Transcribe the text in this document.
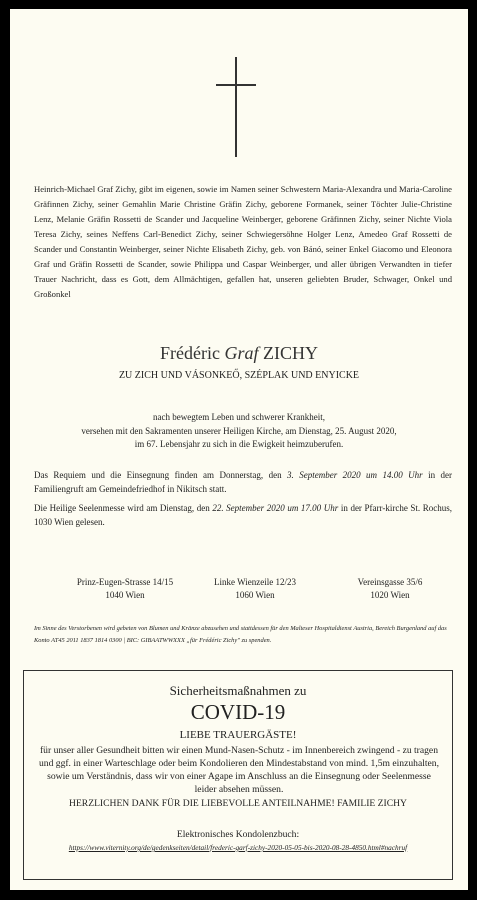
Heinrich-Michael Graf Zichy, gibt im eigenen, sowie im Namen seiner Schwestern Maria-Alexandra und Maria-Caroline Gräfinnen Zichy, seiner Gemahlin Marie Christine Gräfin Zichy, geborene Formanek, seiner Töchter Julie-Christine Lenz, Melanie Gräfin Rossetti de Scander und Jacqueline Weinberger, geborene Gräfinnen Zichy, seiner Nichte Viola Teresa Zichy, seines Neffens Carl-Benedict Zichy, seiner Schwiegersöhne Holger Lenz, Amedeo Graf Rossetti de Scander und Constantin Weinberger, seiner Nichte Elisabeth Zichy, geb. von Bánó, seiner Enkel Giacomo und Eleonora Graf und Gräfin Rossetti de Scander, sowie Philippa und Caspar Weinberger, und aller übrigen Verwandten in tiefer Trauer Nachricht, dass es Gott, dem Allmächtigen, gefallen hat, unseren geliebten Bruder, Schwager, Onkel und Großonkel

Frédéric Graf ZICHY

ZU ZICH UND VÁSONKEŐ, SZÉPLAK UND ENYICKE

nach bewegtem Leben und schwerer Krankheit,
versehen mit den Sakramenten unserer Heiligen Kirche, am Dienstag, 25. August 2020,
im 67. Lebensjahr zu sich in die Ewigkeit heimzuberufen.

Das Requiem und die Einsegnung finden am Donnerstag, den 3. September 2020 um 14.00 Uhr in der Familiengruft am Gemeindefriedhof in Nikitsch statt.

Die Heilige Seelenmesse wird am Dienstag, den 22. September 2020 um 17.00 Uhr in der Pfarr-kirche St. Rochus, 1030 Wien gelesen.

Prinz-Eugen-Strasse 14/15
1040 Wien
Linke Wienzeile 12/23
1060 Wien
Vereinsgasse 35/6
1020 Wien

Im Sinne des Verstorbenen wird gebeten von Blumen und Kränze abzusehen und stattdessen für den Malteser Hospitaldienst Austria, Bereich Burgenland auf das Konto AT45 2011 1837 1814 0300 | BIC: GIBAATWWXXX „für Frédéric Zichy" zu spenden.

Sicherheitsmaßnahmen zu
COVID-19
LIEBE TRAUERGÄSTE!
für unser aller Gesundheit bitten wir einen Mund-Nasen-Schutz - im Innenbereich zwingend - zu tragen und ggf. in einer Warteschlage oder beim Kondolieren den Mindestabstand von mind. 1,5m einzuhalten, sowie um Verständnis, dass wir von einer Agape im Anschluss an die Einsegnung oder Seelenmesse leider absehen müssen.
HERZLICHEN DANK FÜR DIE LIEBEVOLLE ANTEILNAHME! FAMILIE ZICHY
Elektronisches Kondolenzbuch:
https://www.viternity.org/de/gedenkseiten/detail/frederic-garf-zichy-2020-05-05-bis-2020-08-28-4850.html#nachruf
